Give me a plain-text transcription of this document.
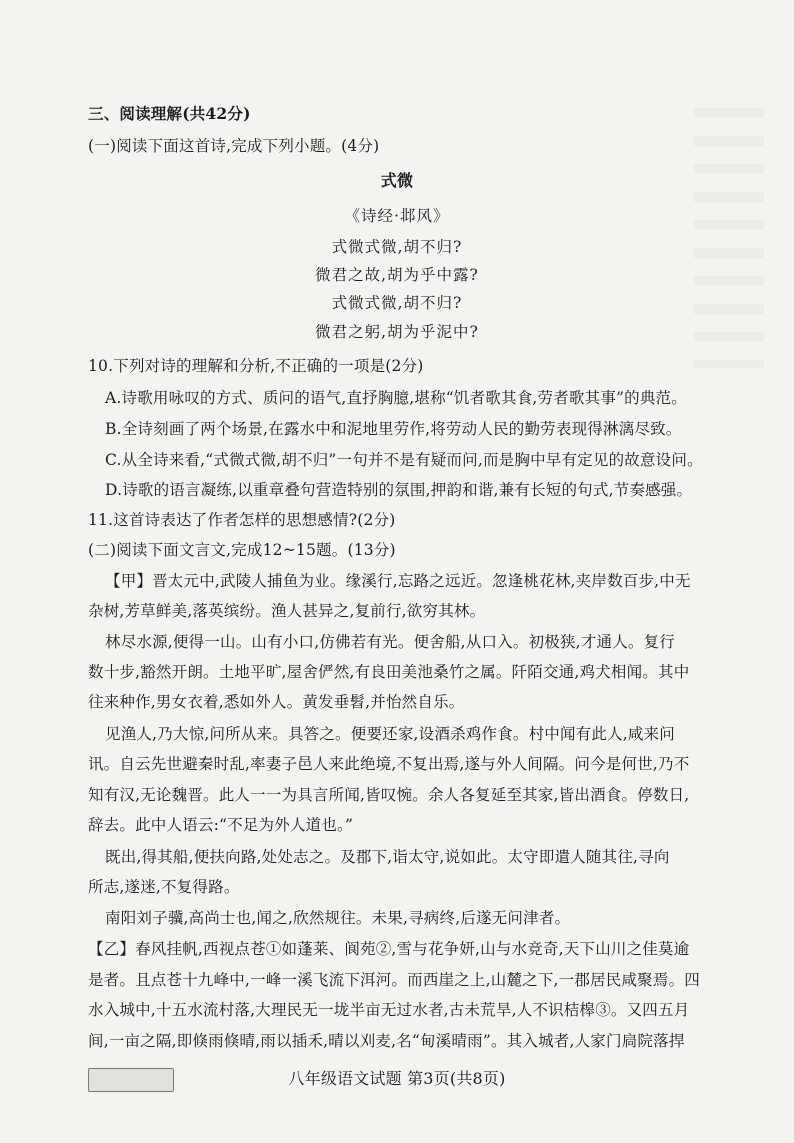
三、阅读理解(共42分)
(一)阅读下面这首诗,完成下列小题。(4分)
式微
《诗经·邶风》
式微式微,胡不归?
微君之故,胡为乎中露?
式微式微,胡不归?
微君之躬,胡为乎泥中?
10.下列对诗的理解和分析,不正确的一项是(2分)
A.诗歌用咏叹的方式、质问的语气,直抒胸臆,堪称“饥者歌其食,劳者歌其事”的典范。
B.全诗刻画了两个场景,在露水中和泥地里劳作,将劳动人民的勤劳表现得淋漓尽致。
C.从全诗来看,“式微式微,胡不归”一句并不是有疑而问,而是胸中早有定见的故意设问。
D.诗歌的语言凝练,以重章叠句营造特别的氛围,押韵和谐,兼有长短的句式,节奏感强。
11.这首诗表达了作者怎样的思想感情?(2分)
(二)阅读下面文言文,完成12~15题。(13分)
【甲】晋太元中,武陵人捕鱼为业。缘溪行,忘路之远近。忽逢桃花林,夹岸数百步,中无
杂树,芳草鲜美,落英缤纷。渔人甚异之,复前行,欲穷其林。
林尽水源,便得一山。山有小口,仿佛若有光。便舍船,从口入。初极狭,才通人。复行
数十步,豁然开朗。土地平旷,屋舍俨然,有良田美池桑竹之属。阡陌交通,鸡犬相闻。其中
往来种作,男女衣着,悉如外人。黄发垂髫,并怡然自乐。
见渔人,乃大惊,问所从来。具答之。便要还家,设酒杀鸡作食。村中闻有此人,咸来问
讯。自云先世避秦时乱,率妻子邑人来此绝境,不复出焉,遂与外人间隔。问今是何世,乃不
知有汉,无论魏晋。此人一一为具言所闻,皆叹惋。余人各复延至其家,皆出酒食。停数日,
辞去。此中人语云:“不足为外人道也。”
既出,得其船,便扶向路,处处志之。及郡下,诣太守,说如此。太守即遣人随其往,寻向
所志,遂迷,不复得路。
南阳刘子骥,高尚士也,闻之,欣然规往。未果,寻病终,后遂无问津者。
【乙】春风挂帆,西视点苍①如蓬莱、阆苑②,雪与花争妍,山与水竞奇,天下山川之佳莫逾
是者。且点苍十九峰中,一峰一溪飞流下洱河。而西崖之上,山麓之下,一郡居民咸聚焉。四
水入城中,十五水流村落,大理民无一垅半亩无过水者,古未荒旱,人不识桔槔③。又四五月
间,一亩之隔,即倏雨倏晴,雨以插禾,晴以刈麦,名“甸溪晴雨”。其入城者,人家门扃院落捍
八年级语文试题 第3页(共8页)
